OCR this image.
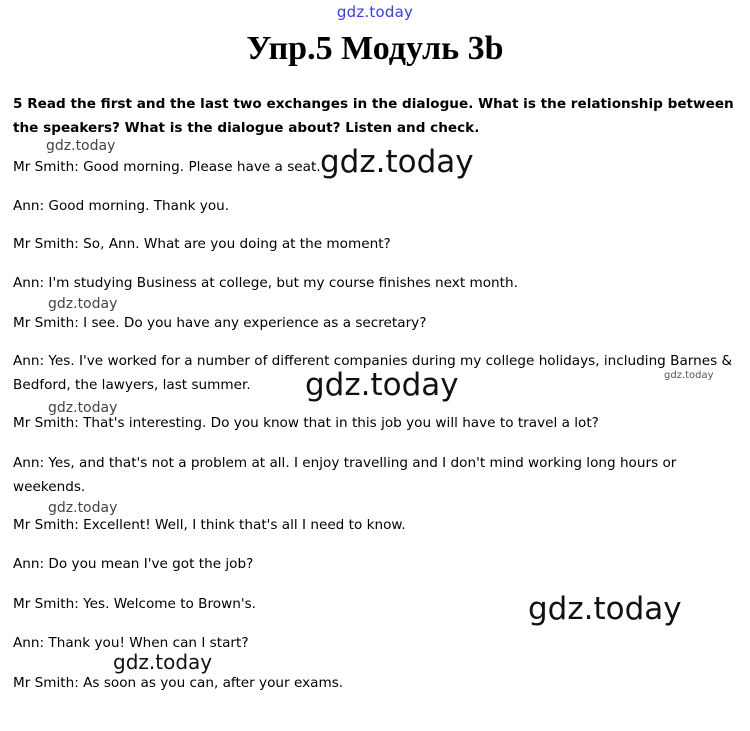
gdz.today
Упр.5 Модуль 3b
5 Read the first and the last two exchanges in the dialogue. What is the relationship between the speakers? What is the dialogue about? Listen and check.
Mr Smith: Good morning. Please have a seat.
Ann: Good morning. Thank you.
Mr Smith: So, Ann. What are you doing at the moment?
Ann: I'm studying Business at college, but my course finishes next month.
Mr Smith: I see. Do you have any experience as a secretary?
Ann: Yes. I've worked for a number of different companies during my college holidays, including Barnes & Bedford, the lawyers, last summer.
Mr Smith: That's interesting. Do you know that in this job you will have to travel a lot?
Ann: Yes, and that's not a problem at all. I enjoy travelling and I don't mind working long hours or weekends.
Mr Smith: Excellent! Well, I think that's all I need to know.
Ann: Do you mean I've got the job?
Mr Smith: Yes. Welcome to Brown's.
Ann: Thank you! When can I start?
Mr Smith: As soon as you can, after your exams.
gdz.today	gdz.today
gdz.today
gdz.today	gdz.today
gdz.today
gdz.today
gdz.today
gdz.today
